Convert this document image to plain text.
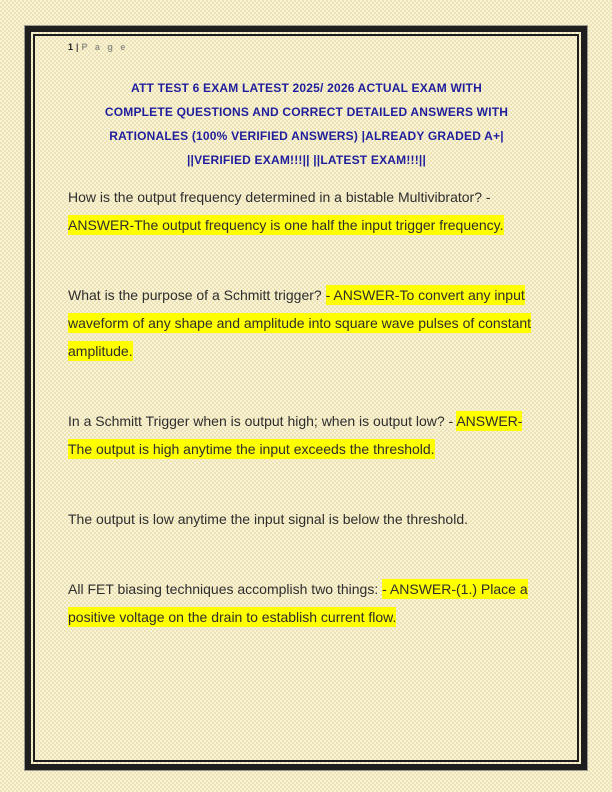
1 | P a g e
ATT TEST 6 EXAM LATEST 2025/ 2026 ACTUAL EXAM WITH
COMPLETE QUESTIONS AND CORRECT DETAILED ANSWERS WITH
RATIONALES (100% VERIFIED ANSWERS) |ALREADY GRADED A+|
||VERIFIED EXAM!!!|| ||LATEST EXAM!!!||

How is the output frequency determined in a bistable Multivibrator? - ANSWER-The output frequency is one half the input trigger frequency.

What is the purpose of a Schmitt trigger? - ANSWER-To convert any input waveform of any shape and amplitude into square wave pulses of constant amplitude.

In a Schmitt Trigger when is output high; when is output low? - ANSWER-The output is high anytime the input exceeds the threshold.

The output is low anytime the input signal is below the threshold.

All FET biasing techniques accomplish two things: - ANSWER-(1.) Place a positive voltage on the drain to establish current flow.
